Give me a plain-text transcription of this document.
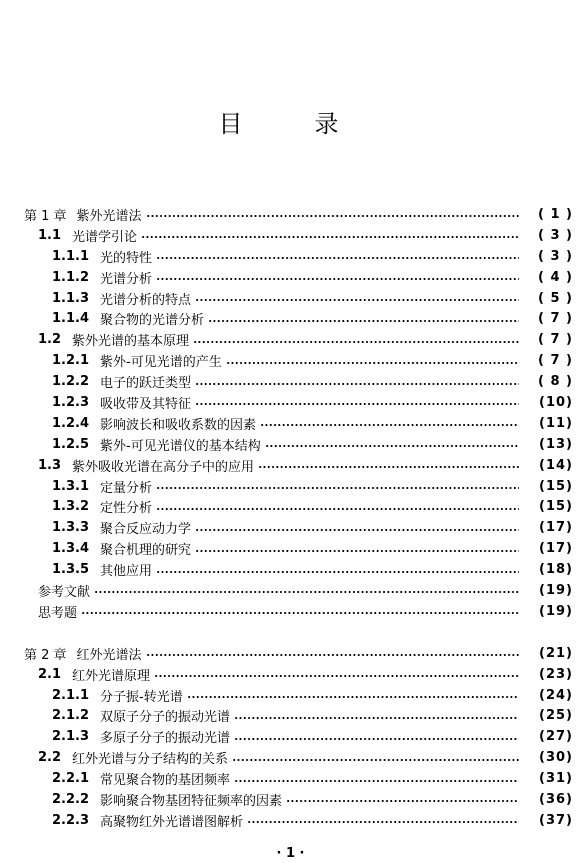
目　录
第 1 章 紫外光谱法	( 1 )
1.1 光谱学引论	( 3 )
1.1.1 光的特性	( 3 )
1.1.2 光谱分析	( 4 )
1.1.3 光谱分析的特点	( 5 )
1.1.4 聚合物的光谱分析	( 7 )
1.2 紫外光谱的基本原理	( 7 )
1.2.1 紫外-可见光谱的产生	( 7 )
1.2.2 电子的跃迁类型	( 8 )
1.2.3 吸收带及其特征	(10)
1.2.4 影响波长和吸收系数的因素	(11)
1.2.5 紫外-可见光谱仪的基本结构	(13)
1.3 紫外吸收光谱在高分子中的应用	(14)
1.3.1 定量分析	(15)
1.3.2 定性分析	(15)
1.3.3 聚合反应动力学	(17)
1.3.4 聚合机理的研究	(17)
1.3.5 其他应用	(18)
参考文献	(19)
思考题	(19)
第 2 章 红外光谱法	(21)
2.1 红外光谱原理	(23)
2.1.1 分子振-转光谱	(24)
2.1.2 双原子分子的振动光谱	(25)
2.1.3 多原子分子的振动光谱	(27)
2.2 红外光谱与分子结构的关系	(30)
2.2.1 常见聚合物的基团频率	(31)
2.2.2 影响聚合物基团特征频率的因素	(36)
2.2.3 高聚物红外光谱谱图解析	(37)
· 1 ·
